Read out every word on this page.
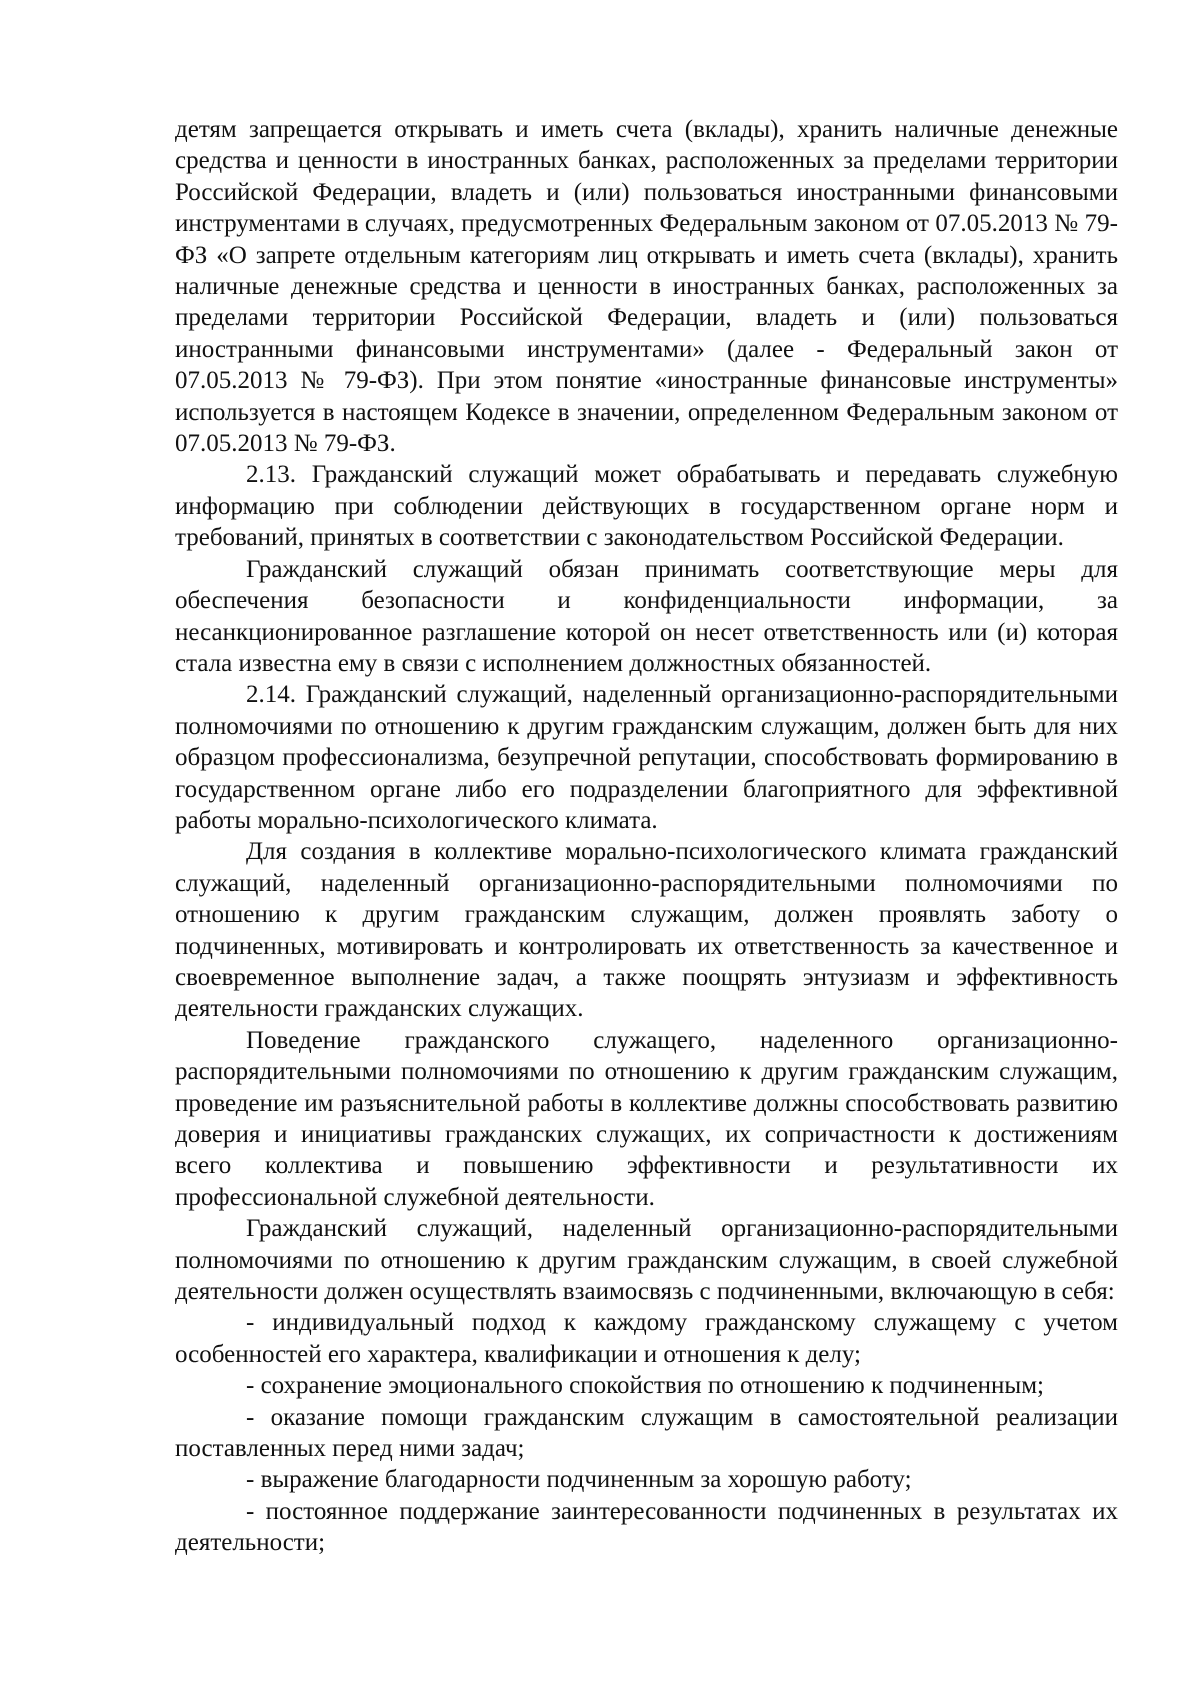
детям запрещается открывать и иметь счета (вклады), хранить наличные денежные средства и ценности в иностранных банках, расположенных за пределами территории Российской Федерации, владеть и (или) пользоваться иностранными финансовыми инструментами в случаях, предусмотренных Федеральным законом от 07.05.2013 № 79-ФЗ «О запрете отдельным категориям лиц открывать и иметь счета (вклады), хранить наличные денежные средства и ценности в иностранных банках, расположенных за пределами территории Российской Федерации, владеть и (или) пользоваться иностранными финансовыми инструментами» (далее - Федеральный закон от 07.05.2013 № 79-ФЗ). При этом понятие «иностранные финансовые инструменты» используется в настоящем Кодексе в значении, определенном Федеральным законом от 07.05.2013 № 79-ФЗ.

2.13. Гражданский служащий может обрабатывать и передавать служебную информацию при соблюдении действующих в государственном органе норм и требований, принятых в соответствии с законодательством Российской Федерации.

Гражданский служащий обязан принимать соответствующие меры для обеспечения безопасности и конфиденциальности информации, за несанкционированное разглашение которой он несет ответственность или (и) которая стала известна ему в связи с исполнением должностных обязанностей.

2.14. Гражданский служащий, наделенный организационно-распорядительными полномочиями по отношению к другим гражданским служащим, должен быть для них образцом профессионализма, безупречной репутации, способствовать формированию в государственном органе либо его подразделении благоприятного для эффективной работы морально-психологического климата.

Для создания в коллективе морально-психологического климата гражданский служащий, наделенный организационно-распорядительными полномочиями по отношению к другим гражданским служащим, должен проявлять заботу о подчиненных, мотивировать и контролировать их ответственность за качественное и своевременное выполнение задач, а также поощрять энтузиазм и эффективность деятельности гражданских служащих.

Поведение гражданского служащего, наделенного организационно-распорядительными полномочиями по отношению к другим гражданским служащим, проведение им разъяснительной работы в коллективе должны способствовать развитию доверия и инициативы гражданских служащих, их сопричастности к достижениям всего коллектива и повышению эффективности и результативности их профессиональной служебной деятельности.

Гражданский служащий, наделенный организационно-распорядительными полномочиями по отношению к другим гражданским служащим, в своей служебной деятельности должен осуществлять взаимосвязь с подчиненными, включающую в себя:

- индивидуальный подход к каждому гражданскому служащему с учетом особенностей его характера, квалификации и отношения к делу;

- сохранение эмоционального спокойствия по отношению к подчиненным;

- оказание помощи гражданским служащим в самостоятельной реализации поставленных перед ними задач;

- выражение благодарности подчиненным за хорошую работу;

- постоянное поддержание заинтересованности подчиненных в результатах их деятельности;
